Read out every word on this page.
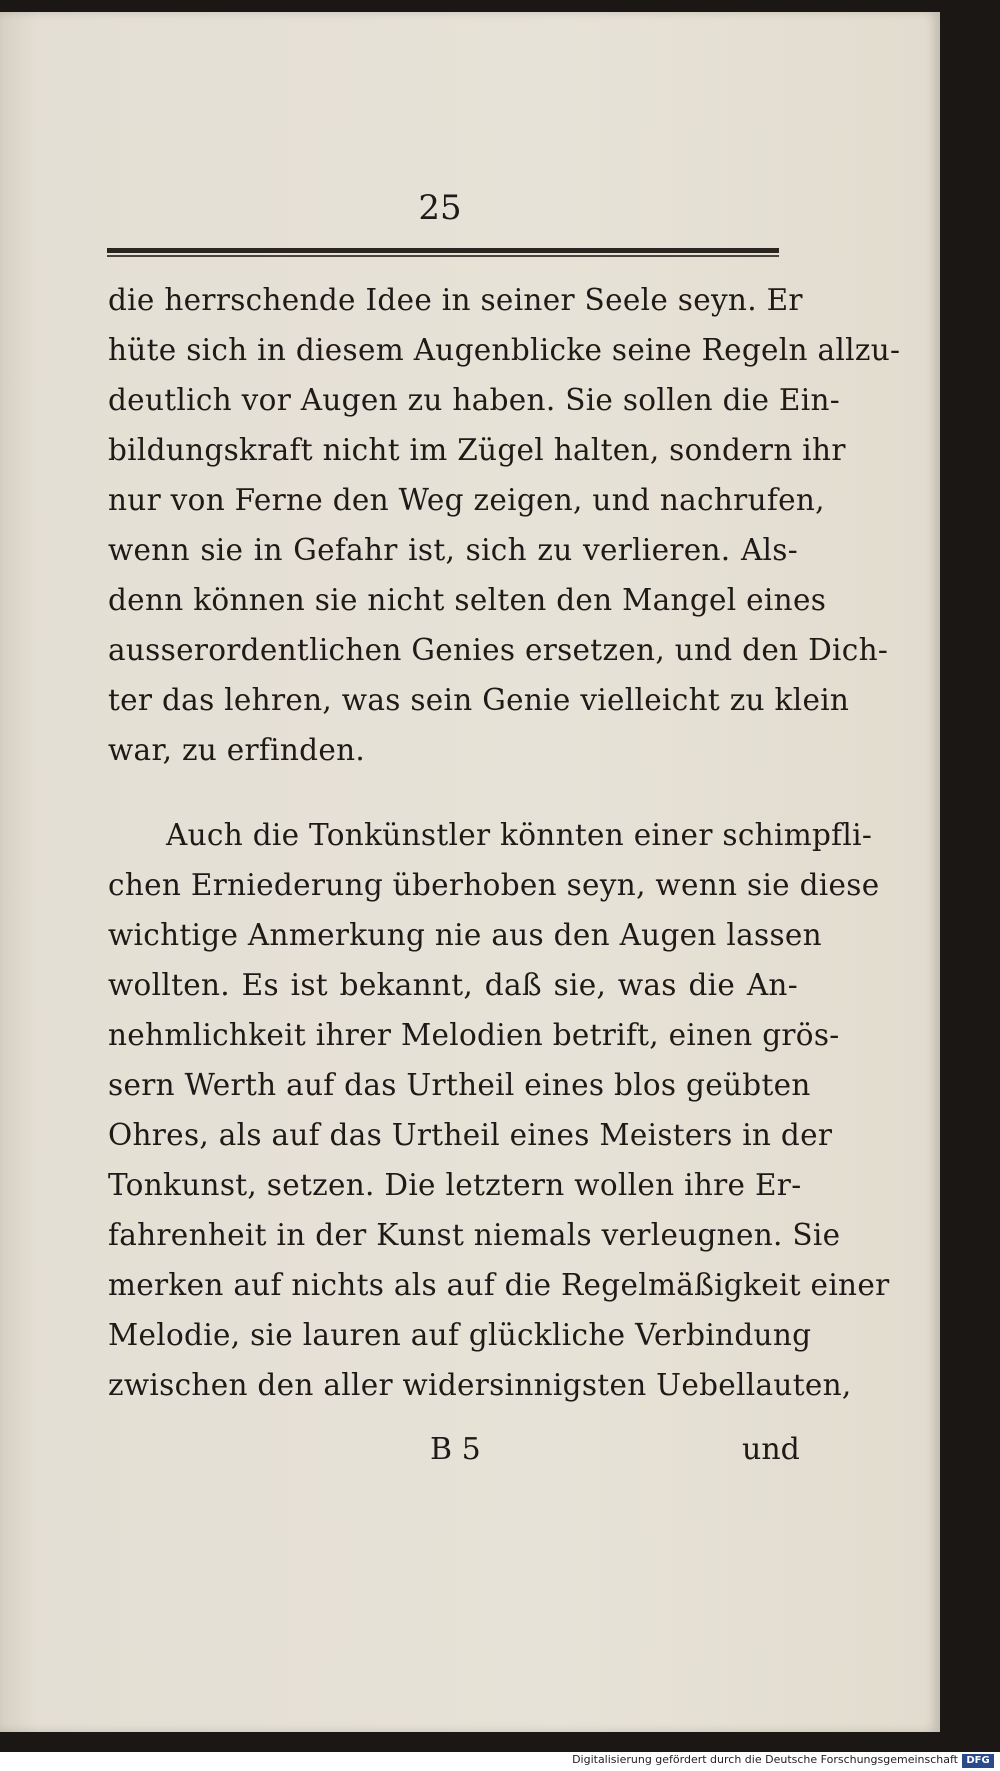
25
die herrschende Idee in seiner Seele seyn. Er
hüte sich in diesem Augenblicke seine Regeln allzu-
deutlich vor Augen zu haben. Sie sollen die Ein-
bildungskraft nicht im Zügel halten, sondern ihr
nur von Ferne den Weg zeigen, und nachrufen,
wenn sie in Gefahr ist, sich zu verlieren. Als-
denn können sie nicht selten den Mangel eines
ausserordentlichen Genies ersetzen, und den Dich-
ter das lehren, was sein Genie vielleicht zu klein
war, zu erfinden.
Auch die Tonkünstler könnten einer schimpfli-
chen Erniederung überhoben seyn, wenn sie diese
wichtige Anmerkung nie aus den Augen lassen
wollten. Es ist bekannt, daß sie, was die An-
nehmlichkeit ihrer Melodien betrift, einen grös-
sern Werth auf das Urtheil eines blos geübten
Ohres, als auf das Urtheil eines Meisters in der
Tonkunst, setzen. Die letztern wollen ihre Er-
fahrenheit in der Kunst niemals verleugnen. Sie
merken auf nichts als auf die Regelmäßigkeit einer
Melodie, sie lauren auf glückliche Verbindung
zwischen den aller widersinnigsten Uebellauten,
B 5	und
Digitalisierung gefördert durch die Deutsche Forschungsgemeinschaft DFG
